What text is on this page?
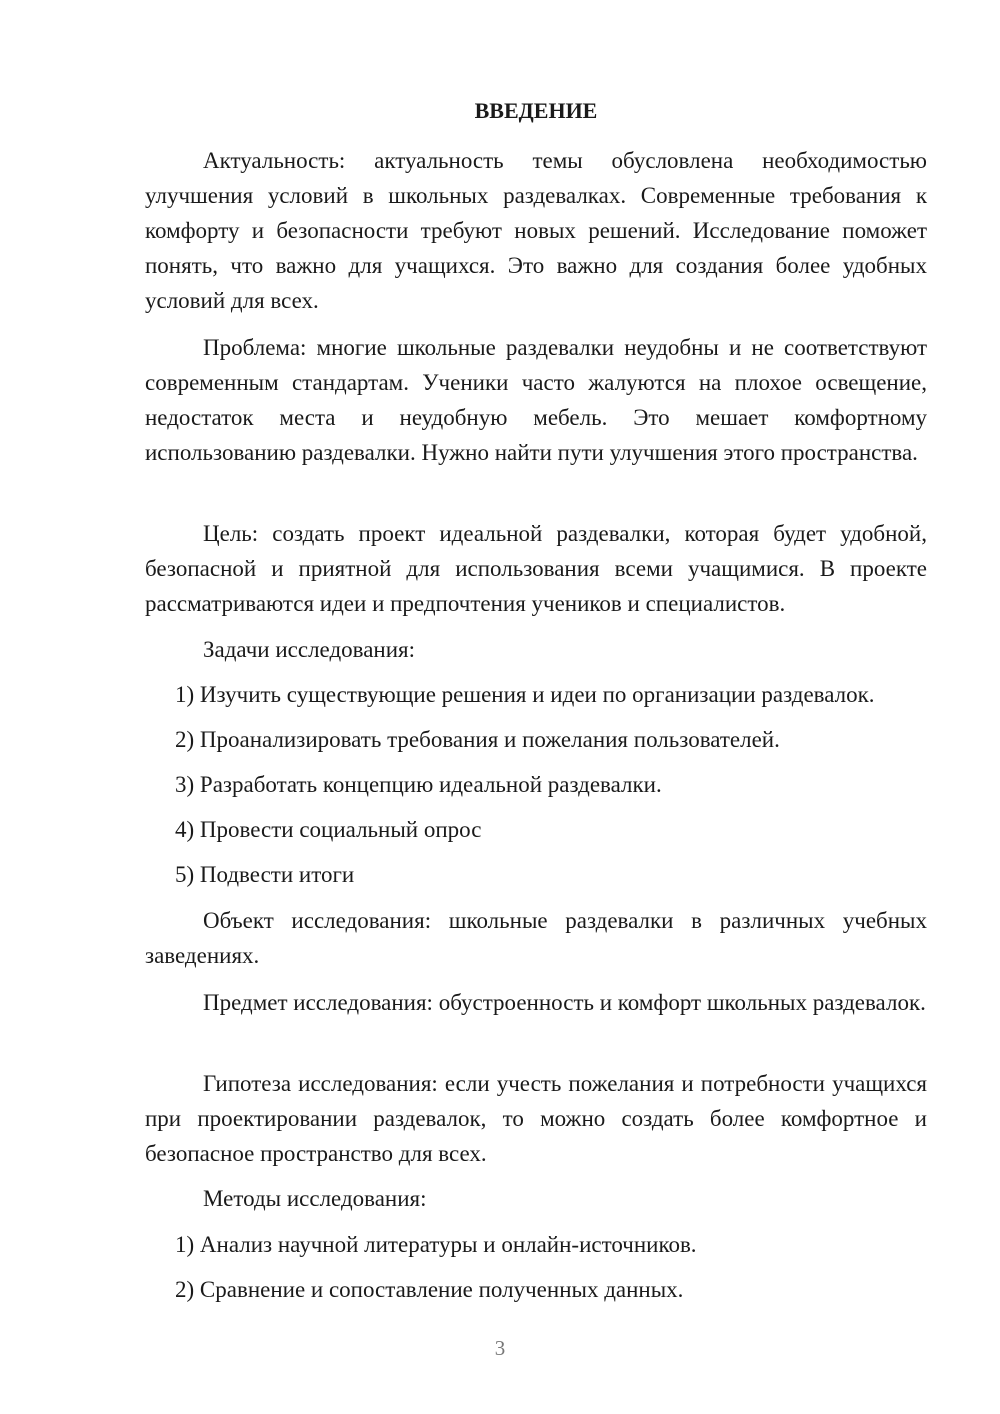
ВВЕДЕНИЕ

Актуальность: актуальность темы обусловлена необходимостью улучшения условий в школьных раздевалках. Современные требования к комфорту и безопасности требуют новых решений. Исследование поможет понять, что важно для учащихся. Это важно для создания более удобных условий для всех.

Проблема: многие школьные раздевалки неудобны и не соответствуют современным стандартам. Ученики часто жалуются на плохое освещение, недостаток места и неудобную мебель. Это мешает комфортному использованию раздевалки. Нужно найти пути улучшения этого пространства.

Цель: создать проект идеальной раздевалки, которая будет удобной, безопасной и приятной для использования всеми учащимися. В проекте рассматриваются идеи и предпочтения учеников и специалистов.

Задачи исследования:

1) Изучить существующие решения и идеи по организации раздевалок.

2) Проанализировать требования и пожелания пользователей.

3) Разработать концепцию идеальной раздевалки.

4) Провести социальный опрос

5) Подвести итоги

Объект исследования: школьные раздевалки в различных учебных заведениях.

Предмет исследования: обустроенность и комфорт школьных раздевалок.

Гипотеза исследования: если учесть пожелания и потребности учащихся при проектировании раздевалок, то можно создать более комфортное и безопасное пространство для всех.

Методы исследования:

1) Анализ научной литературы и онлайн-источников.

2) Сравнение и сопоставление полученных данных.

3
